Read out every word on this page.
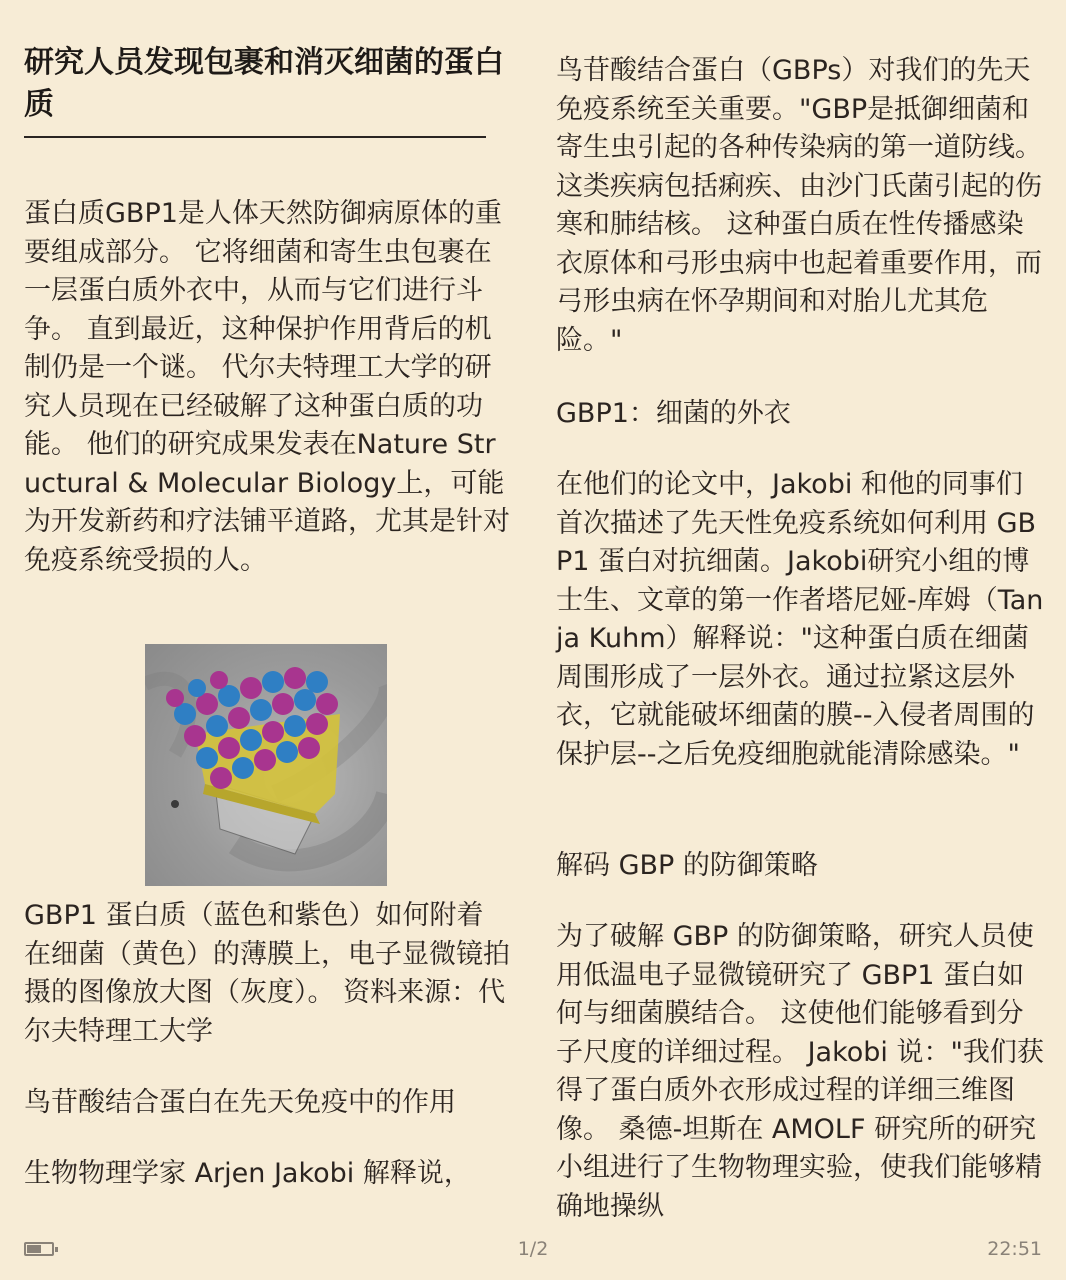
研究人员发现包裹和消灭细菌的蛋白质

蛋白质GBP1是人体天然防御病原体的重要组成部分。 它将细菌和寄生虫包裹在一层蛋白质外衣中，从而与它们进行斗争。 直到最近，这种保护作用背后的机制仍是一个谜。 代尔夫特理工大学的研究人员现在已经破解了这种蛋白质的功能。 他们的研究成果发表在Nature Structural & Molecular Biology上，可能为开发新药和疗法铺平道路，尤其是针对免疫系统受损的人。

GBP1 蛋白质（蓝色和紫色）如何附着在细菌（黄色）的薄膜上，电子显微镜拍摄的图像放大图（灰度）。 资料来源：代尔夫特理工大学

鸟苷酸结合蛋白在先天免疫中的作用

生物物理学家 Arjen Jakobi 解释说，

鸟苷酸结合蛋白（GBPs）对我们的先天免疫系统至关重要。"GBP是抵御细菌和寄生虫引起的各种传染病的第一道防线。 这类疾病包括痢疾、由沙门氏菌引起的伤寒和肺结核。 这种蛋白质在性传播感染衣原体和弓形虫病中也起着重要作用，而弓形虫病在怀孕期间和对胎儿尤其危险。"

GBP1：细菌的外衣

在他们的论文中，Jakobi 和他的同事们首次描述了先天性免疫系统如何利用 GBP1 蛋白对抗细菌。Jakobi研究小组的博士生、文章的第一作者塔尼娅-库姆（Tanja Kuhm）解释说："这种蛋白质在细菌周围形成了一层外衣。通过拉紧这层外衣，它就能破坏细菌的膜--入侵者周围的保护层--之后免疫细胞就能清除感染。"

解码 GBP 的防御策略

为了破解 GBP 的防御策略，研究人员使用低温电子显微镜研究了 GBP1 蛋白如何与细菌膜结合。 这使他们能够看到分子尺度的详细过程。 Jakobi 说："我们获得了蛋白质外衣形成过程的详细三维图像。 桑德-坦斯在 AMOLF 研究所的研究小组进行了生物物理实验，使我们能够精确地操纵

1/2	22:51
